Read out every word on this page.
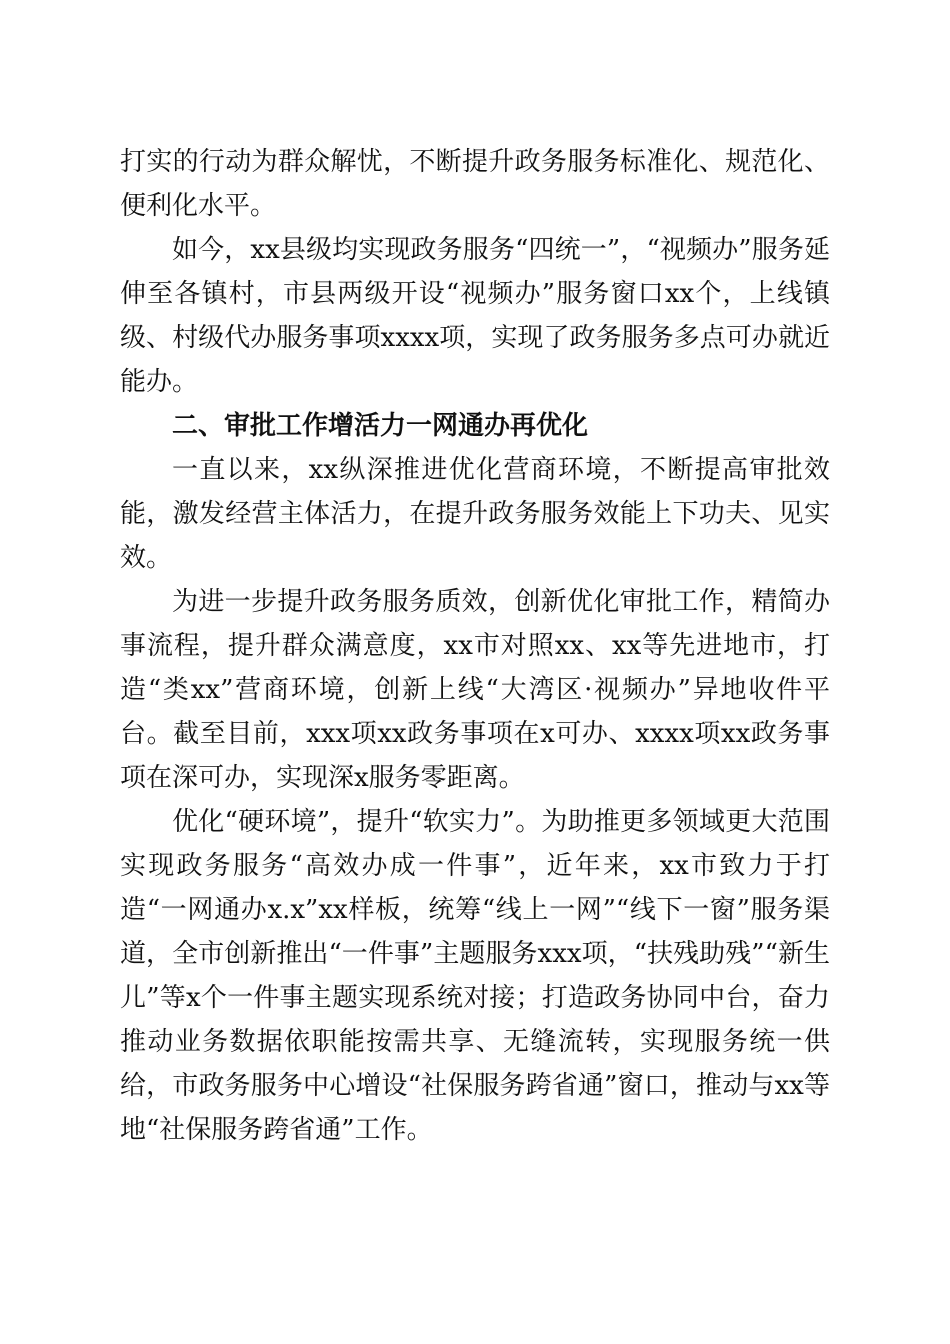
打实的行动为群众解忧，不断提升政务服务标准化、规范化、便利化水平。

如今，xx县级均实现政务服务“四统一”，“视频办”服务延伸至各镇村，市县两级开设“视频办”服务窗口xx个，上线镇级、村级代办服务事项xxxx项，实现了政务服务多点可办就近能办。

二、审批工作增活力一网通办再优化

一直以来，xx纵深推进优化营商环境，不断提高审批效能，激发经营主体活力，在提升政务服务效能上下功夫、见实效。

为进一步提升政务服务质效，创新优化审批工作，精简办事流程，提升群众满意度，xx市对照xx、xx等先进地市，打造“类xx”营商环境，创新上线“大湾区·视频办”异地收件平台。截至目前，xxx项xx政务事项在x可办、xxxx项xx政务事项在深可办，实现深x服务零距离。

优化“硬环境”，提升“软实力”。为助推更多领域更大范围实现政务服务“高效办成一件事”，近年来，xx市致力于打造“一网通办x.x”xx样板，统筹“线上一网”“线下一窗”服务渠道，全市创新推出“一件事”主题服务xxx项，“扶残助残”“新生儿”等x个一件事主题实现系统对接；打造政务协同中台，奋力推动业务数据依职能按需共享、无缝流转，实现服务统一供给，市政务服务中心增设“社保服务跨省通”窗口，推动与xx等地“社保服务跨省通”工作。
